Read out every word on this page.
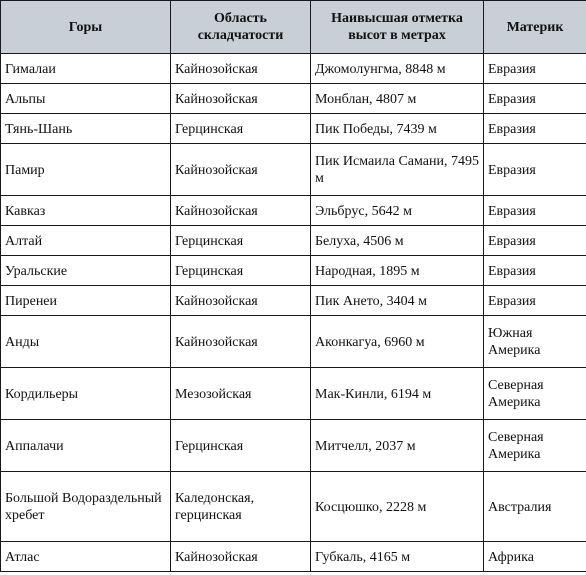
Горы	Область складчатости	Наивысшая отметка высот в метрах	Материк
Гималаи	Кайнозойская	Джомолунгма, 8848 м	Евразия
Альпы	Кайнозойская	Монблан, 4807 м	Евразия
Тянь-Шань	Герцинская	Пик Победы, 7439 м	Евразия
Памир	Кайнозойская	Пик Исмаила Самани, 7495 м	Евразия
Кавказ	Кайнозойская	Эльбрус, 5642 м	Евразия
Алтай	Герцинская	Белуха, 4506 м	Евразия
Уральские	Герцинская	Народная, 1895 м	Евразия
Пиренеи	Кайнозойская	Пик Ането, 3404 м	Евразия
Анды	Кайнозойская	Аконкагуа, 6960 м	Южная Америка
Кордильеры	Мезозойская	Мак-Кинли, 6194 м	Северная Америка
Аппалачи	Герцинская	Митчелл, 2037 м	Северная Америка
Большой Водораздельный хребет	Каледонская, герцинская	Косцюшко, 2228 м	Австралия
Атлас	Кайнозойская	Губкаль, 4165 м	Африка
